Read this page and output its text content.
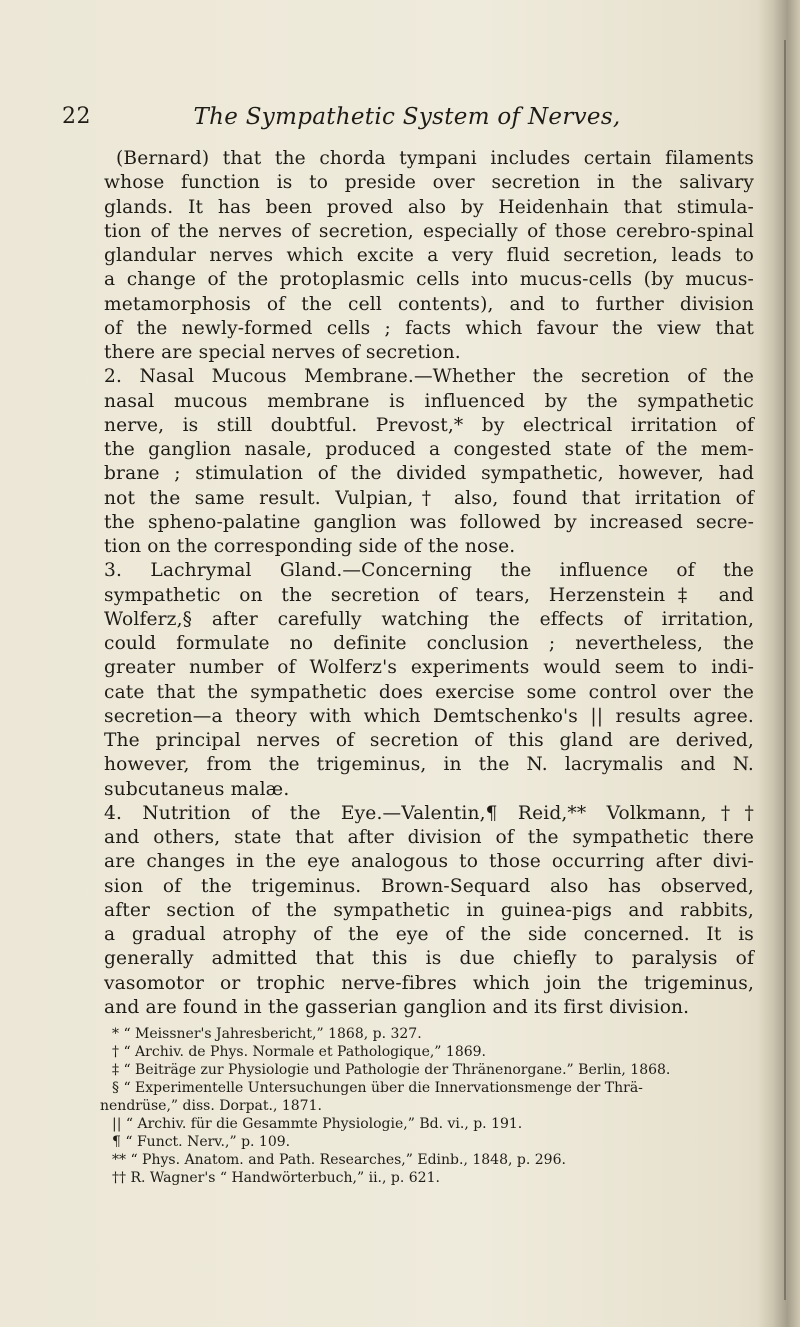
22	The Sympathetic System of Nerves,
(Bernard) that the chorda tympani includes certain filaments
whose function is to preside over secretion in the salivary
glands. It has been proved also by Heidenhain that stimula-
tion of the nerves of secretion, especially of those cerebro-spinal
glandular nerves which excite a very fluid secretion, leads to
a change of the protoplasmic cells into mucus-cells (by mucus-
metamorphosis of the cell contents), and to further division
of the newly-formed cells ; facts which favour the view that
there are special nerves of secretion.
2. Nasal Mucous Membrane.—Whether the secretion of the
nasal mucous membrane is influenced by the sympathetic
nerve, is still doubtful. Prevost,* by electrical irritation of
the ganglion nasale, produced a congested state of the mem-
brane ; stimulation of the divided sympathetic, however, had
not the same result. Vulpian,† also, found that irritation of
the spheno-palatine ganglion was followed by increased secre-
tion on the corresponding side of the nose.
3. Lachrymal Gland.—Concerning the influence of the
sympathetic on the secretion of tears, Herzenstein‡ and
Wolferz,§ after carefully watching the effects of irritation,
could formulate no definite conclusion ; nevertheless, the
greater number of Wolferz's experiments would seem to indi-
cate that the sympathetic does exercise some control over the
secretion—a theory with which Demtschenko's || results agree.
The principal nerves of secretion of this gland are derived,
however, from the trigeminus, in the N. lacrymalis and N.
subcutaneus malæ.
4. Nutrition of the Eye.—Valentin,¶ Reid,** Volkmann,††
and others, state that after division of the sympathetic there
are changes in the eye analogous to those occurring after divi-
sion of the trigeminus. Brown-Sequard also has observed,
after section of the sympathetic in guinea-pigs and rabbits,
a gradual atrophy of the eye of the side concerned. It is
generally admitted that this is due chiefly to paralysis of
vasomotor or trophic nerve-fibres which join the trigeminus,
and are found in the gasserian ganglion and its first division.
* “ Meissner's Jahresbericht,” 1868, p. 327.
† “ Archiv. de Phys. Normale et Pathologique,” 1869.
‡ “ Beiträge zur Physiologie und Pathologie der Thränenorgane.” Berlin, 1868.
§ “ Experimentelle Untersuchungen über die Innervationsmenge der Thrä-
nendrüse,” diss. Dorpat., 1871.
|| “ Archiv. für die Gesammte Physiologie,” Bd. vi., p. 191.
¶ “ Funct. Nerv.,” p. 109.
** “ Phys. Anatom. and Path. Researches,” Edinb., 1848, p. 296.
†† R. Wagner's “ Handwörterbuch,” ii., p. 621.
